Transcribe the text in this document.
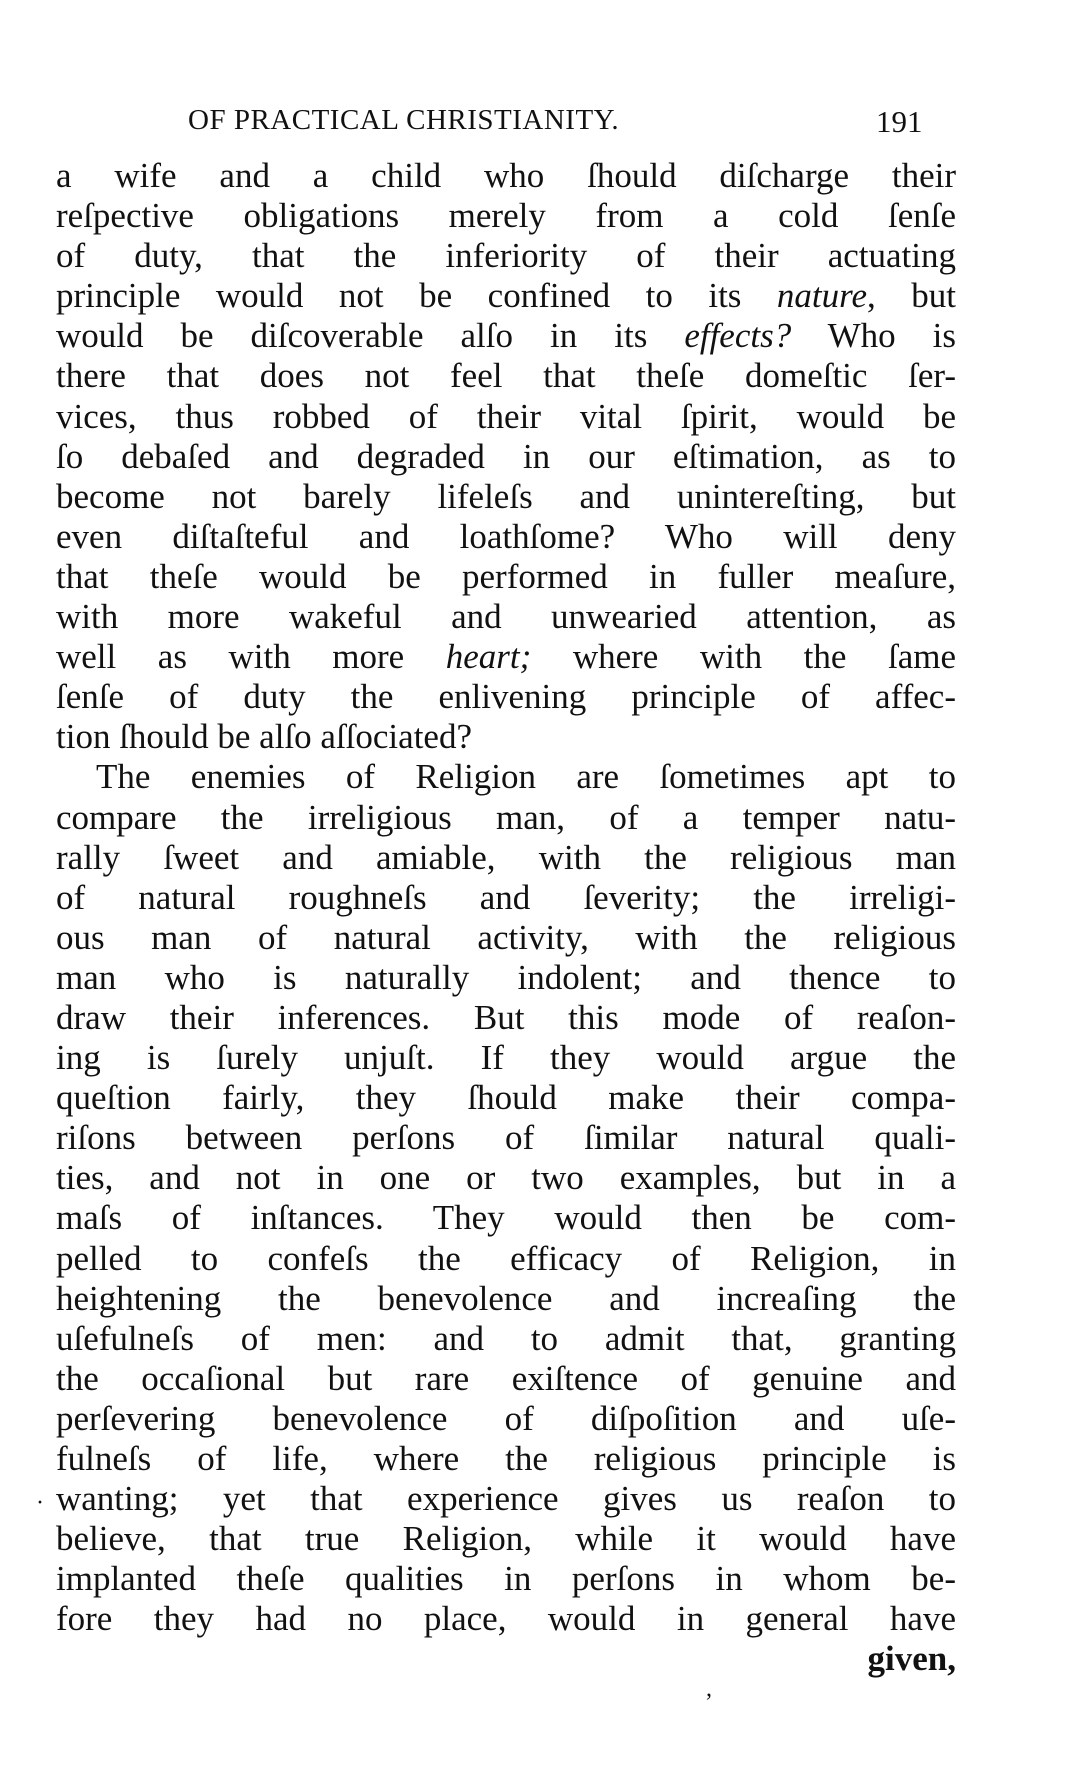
OF PRACTICAL CHRISTIANITY.	191
a wife and a child who ſhould diſcharge their
reſpective obligations merely from a cold ſenſe
of duty, that the inferiority of their actuating
principle would not be confined to its nature, but
would be diſcoverable alſo in its effects? Who is
there that does not feel that theſe domeſtic ſer-
vices, thus robbed of their vital ſpirit, would be
ſo debaſed and degraded in our eſtimation, as to
become not barely lifeleſs and unintereſting, but
even diſtaſteful and loathſome? Who will deny
that theſe would be performed in fuller meaſure,
with more wakeful and unwearied attention, as
well as with more heart; where with the ſame
ſenſe of duty the enlivening principle of affec-
tion ſhould be alſo aſſociated?
The enemies of Religion are ſometimes apt to
compare the irreligious man, of a temper natu-
rally ſweet and amiable, with the religious man
of natural roughneſs and ſeverity; the irreligi-
ous man of natural activity, with the religious
man who is naturally indolent; and thence to
draw their inferences. But this mode of reaſon-
ing is ſurely unjuſt. If they would argue the
queſtion fairly, they ſhould make their compa-
riſons between perſons of ſimilar natural quali-
ties, and not in one or two examples, but in a
maſs of inſtances. They would then be com-
pelled to confeſs the efficacy of Religion, in
heightening the benevolence and increaſing the
uſefulneſs of men: and to admit that, granting
the occaſional but rare exiſtence of genuine and
perſevering benevolence of diſpoſition and uſe-
fulneſs of life, where the religious principle is
wanting; yet that experience gives us reaſon to
believe, that true Religion, while it would have
implanted theſe qualities in perſons in whom be-
fore they had no place, would in general have
given,
·
,
